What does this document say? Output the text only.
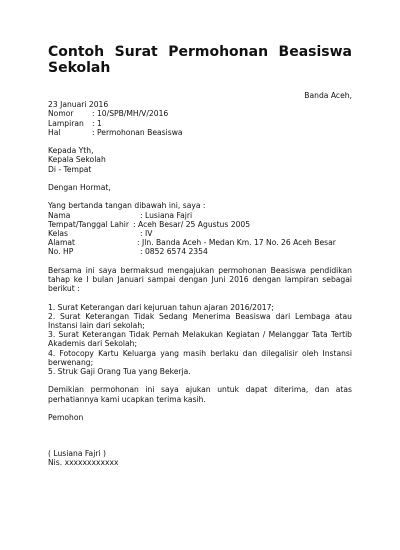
Contoh Surat Permohonan Beasiswa
Sekolah
Banda Aceh,
23 Januari 2016
Nomor	: 10/SPB/MH/V/2016
Lampiran	: 1
Hal	: Permohonan Beasiswa
Kepada Yth,
Kepala Sekolah
Di - Tempat
Dengan Hormat,
Yang bertanda tangan dibawah ini, saya :
Nama	: Lusiana Fajri
Tempat/Tanggal Lahir : Aceh Besar/ 25 Agustus 2005
Kelas	: IV
Alamat	: Jln. Banda Aceh - Medan Km. 17 No. 26 Aceh Besar
No. HP	: 0852 6574 2354
Bersama ini saya bermaksud mengajukan permohonan Beasiswa pendidikan tahap ke I bulan Januari sampai dengan Juni 2016 dengan lampiran sebagai berikut :
1. Surat Keterangan dari kejuruan tahun ajaran 2016/2017;
2. Surat Keterangan Tidak Sedang Menerima Beasiswa dari Lembaga atau Instansi lain dari sekolah;
3. Surat Keterangan Tidak Pernah Melakukan Kegiatan / Melanggar Tata Tertib Akademis dari Sekolah;
4. Fotocopy Kartu Keluarga yang masih berlaku dan dilegalisir oleh Instansi berwenang;
5. Struk Gaji Orang Tua yang Bekerja.
Demikian permohonan ini saya ajukan untuk dapat diterima, dan atas perhatiannya kami ucapkan terima kasih.
Pemohon
( Lusiana Fajri )
Nis. xxxxxxxxxxxx
